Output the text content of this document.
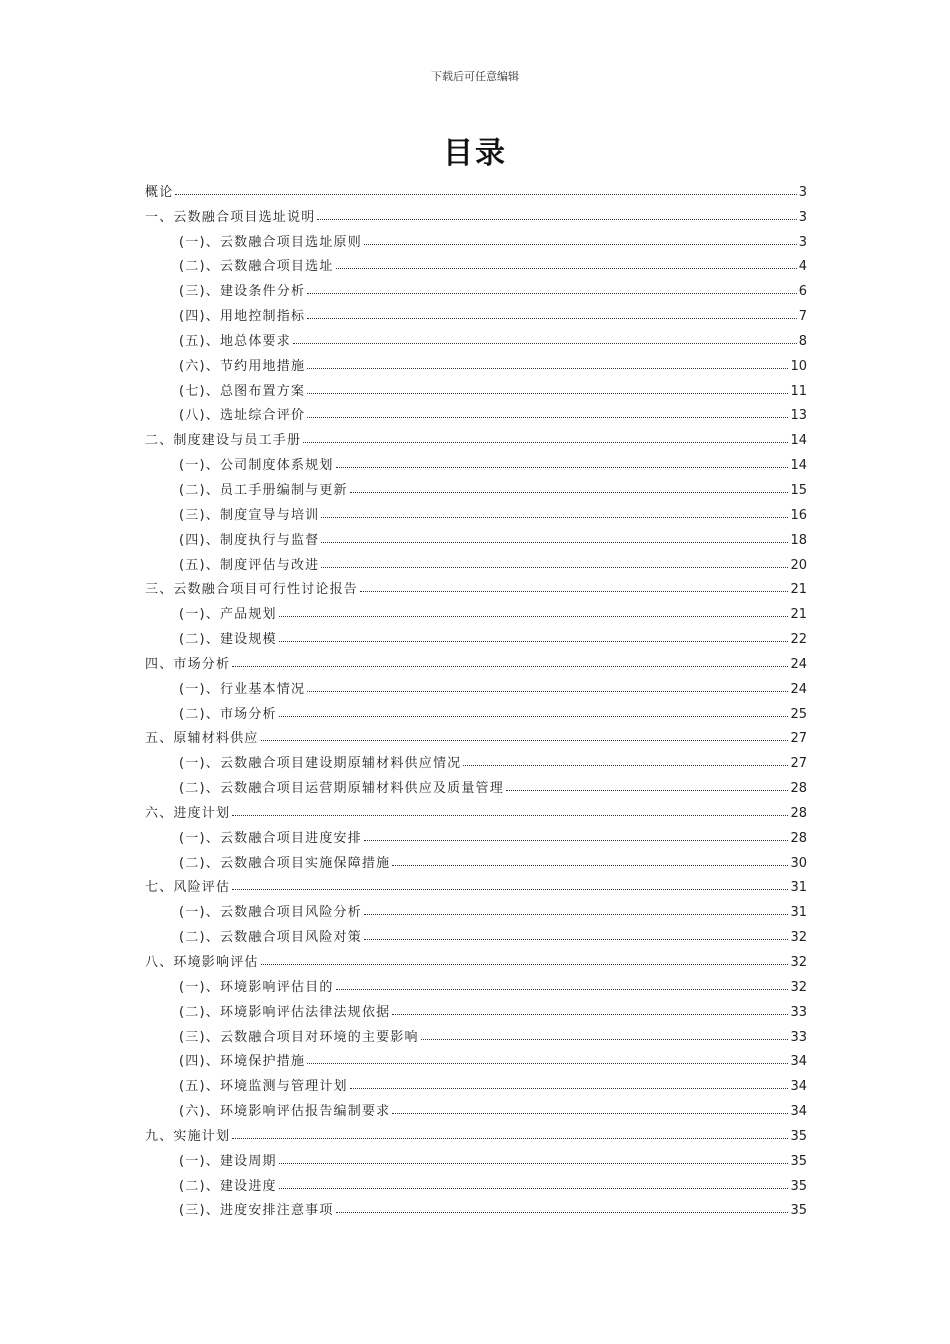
下载后可任意编辑
目录
概论	3
一、云数融合项目选址说明	3
(一)、云数融合项目选址原则	3
(二)、云数融合项目选址	4
(三)、建设条件分析	6
(四)、用地控制指标	7
(五)、地总体要求	8
(六)、节约用地措施	10
(七)、总图布置方案	11
(八)、选址综合评价	13
二、制度建设与员工手册	14
(一)、公司制度体系规划	14
(二)、员工手册编制与更新	15
(三)、制度宣导与培训	16
(四)、制度执行与监督	18
(五)、制度评估与改进	20
三、云数融合项目可行性讨论报告	21
(一)、产品规划	21
(二)、建设规模	22
四、市场分析	24
(一)、行业基本情况	24
(二)、市场分析	25
五、原辅材料供应	27
(一)、云数融合项目建设期原辅材料供应情况	27
(二)、云数融合项目运营期原辅材料供应及质量管理	28
六、进度计划	28
(一)、云数融合项目进度安排	28
(二)、云数融合项目实施保障措施	30
七、风险评估	31
(一)、云数融合项目风险分析	31
(二)、云数融合项目风险对策	32
八、环境影响评估	32
(一)、环境影响评估目的	32
(二)、环境影响评估法律法规依据	33
(三)、云数融合项目对环境的主要影响	33
(四)、环境保护措施	34
(五)、环境监测与管理计划	34
(六)、环境影响评估报告编制要求	34
九、实施计划	35
(一)、建设周期	35
(二)、建设进度	35
(三)、进度安排注意事项	35
